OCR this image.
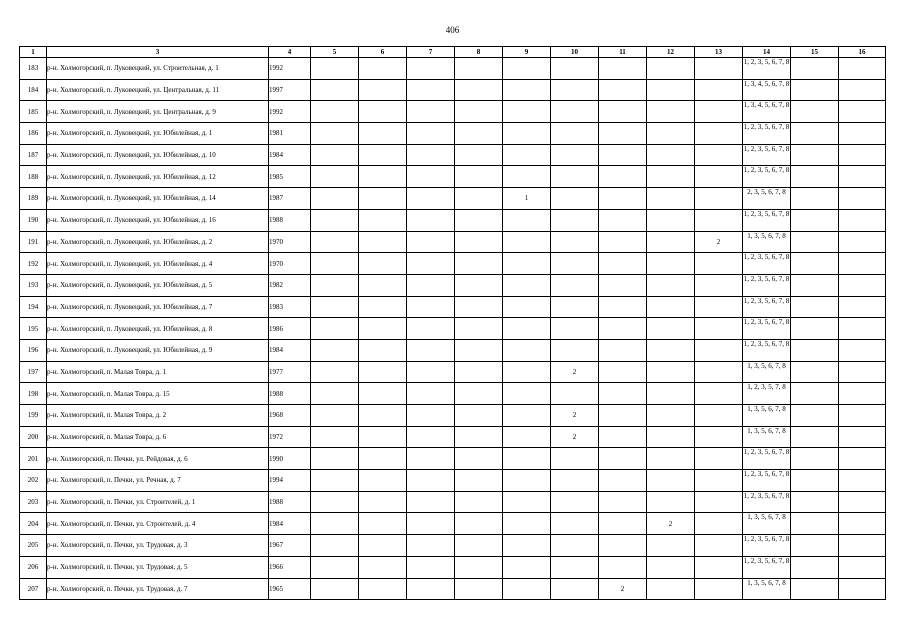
406
1	3	4	5	6	7	8	9	10	11	12	13	14	15	16
183	р-н. Холмогорский, п. Луковецкий, ул. Строительная, д. 1	1992										1, 2, 3, 5, 6, 7, 8		
184	р-н. Холмогорский, п. Луковецкий, ул. Центральная, д. 11	1997										1, 3, 4, 5, 6, 7, 8		
185	р-н. Холмогорский, п. Луковецкий, ул. Центральная, д. 9	1992										1, 3, 4, 5, 6, 7, 8		
186	р-н. Холмогорский, п. Луковецкий, ул. Юбилейная, д. 1	1981										1, 2, 3, 5, 6, 7, 8		
187	р-н. Холмогорский, п. Луковецкий, ул. Юбилейная, д. 10	1984										1, 2, 3, 5, 6, 7, 8		
188	р-н. Холмогорский, п. Луковецкий, ул. Юбилейная, д. 12	1985										1, 2, 3, 5, 6, 7, 8		
189	р-н. Холмогорский, п. Луковецкий, ул. Юбилейная, д. 14	1987					1					2, 3, 5, 6, 7, 8		
190	р-н. Холмогорский, п. Луковецкий, ул. Юбилейная, д. 16	1988										1, 2, 3, 5, 6, 7, 8		
191	р-н. Холмогорский, п. Луковецкий, ул. Юбилейная, д. 2	1970									2	1, 3, 5, 6, 7, 8		
192	р-н. Холмогорский, п. Луковецкий, ул. Юбилейная, д. 4	1970										1, 2, 3, 5, 6, 7, 8		
193	р-н. Холмогорский, п. Луковецкий, ул. Юбилейная, д. 5	1982										1, 2, 3, 5, 6, 7, 8		
194	р-н. Холмогорский, п. Луковецкий, ул. Юбилейная, д. 7	1983										1, 2, 3, 5, 6, 7, 8		
195	р-н. Холмогорский, п. Луковецкий, ул. Юбилейная, д. 8	1986										1, 2, 3, 5, 6, 7, 8		
196	р-н. Холмогорский, п. Луковецкий, ул. Юбилейная, д. 9	1984										1, 2, 3, 5, 6, 7, 8		
197	р-н. Холмогорский, п. Малая Товра, д. 1	1977						2				1, 3, 5, 6, 7, 8		
198	р-н. Холмогорский, п. Малая Товра, д. 15	1988										1, 2, 3, 5, 7, 8		
199	р-н. Холмогорский, п. Малая Товра, д. 2	1968						2				1, 3, 5, 6, 7, 8		
200	р-н. Холмогорский, п. Малая Товра, д. 6	1972						2				1, 3, 5, 6, 7, 8		
201	р-н. Холмогорский, п. Печки, ул. Рейдовая, д. 6	1990										1, 2, 3, 5, 6, 7, 8		
202	р-н. Холмогорский, п. Печки, ул. Речная, д. 7	1994										1, 2, 3, 5, 6, 7, 8		
203	р-н. Холмогорский, п. Печки, ул. Строителей, д. 1	1988										1, 2, 3, 5, 6, 7, 8		
204	р-н. Холмогорский, п. Печки, ул. Строителей, д. 4	1984								2		1, 3, 5, 6, 7, 8		
205	р-н. Холмогорский, п. Печки, ул. Трудовая, д. 3	1967										1, 2, 3, 5, 6, 7, 8		
206	р-н. Холмогорский, п. Печки, ул. Трудовая, д. 5	1966										1, 2, 3, 5, 6, 7, 8		
207	р-н. Холмогорский, п. Печки, ул. Трудовая, д. 7	1965							2			1, 3, 5, 6, 7, 8		
